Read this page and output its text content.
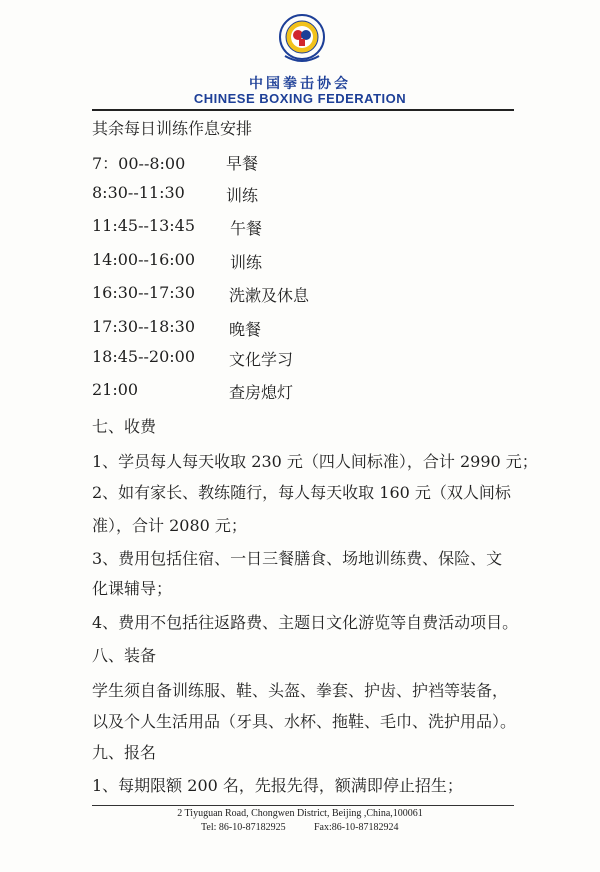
中国拳击协会
CHINESE BOXING FEDERATION
其余每日训练作息安排
7：00--8:00	早餐
8:30--11:30	训练
11:45--13:45 午餐
14:00--16:00 训练
16:30--17:30 洗漱及休息
17:30--18:30 晚餐
18:45--20:00 文化学习
21:00	查房熄灯
七、收费
1、学员每人每天收取 230 元（四人间标准），合计 2990 元；
2、如有家长、教练随行，每人每天收取 160 元（双人间标
准），合计 2080 元；
3、费用包括住宿、一日三餐膳食、场地训练费、保险、文
化课辅导；
4、费用不包括往返路费、主题日文化游览等自费活动项目。
八、装备
学生须自备训练服、鞋、头盔、拳套、护齿、护裆等装备，
以及个人生活用品（牙具、水杯、拖鞋、毛巾、洗护用品）。
九、报名
1、每期限额 200 名，先报先得，额满即停止招生；
2 Tiyuguan Road, Chongwen District, Beijing ,China,100061
Tel: 86-10-87182925	Fax:86-10-87182924
